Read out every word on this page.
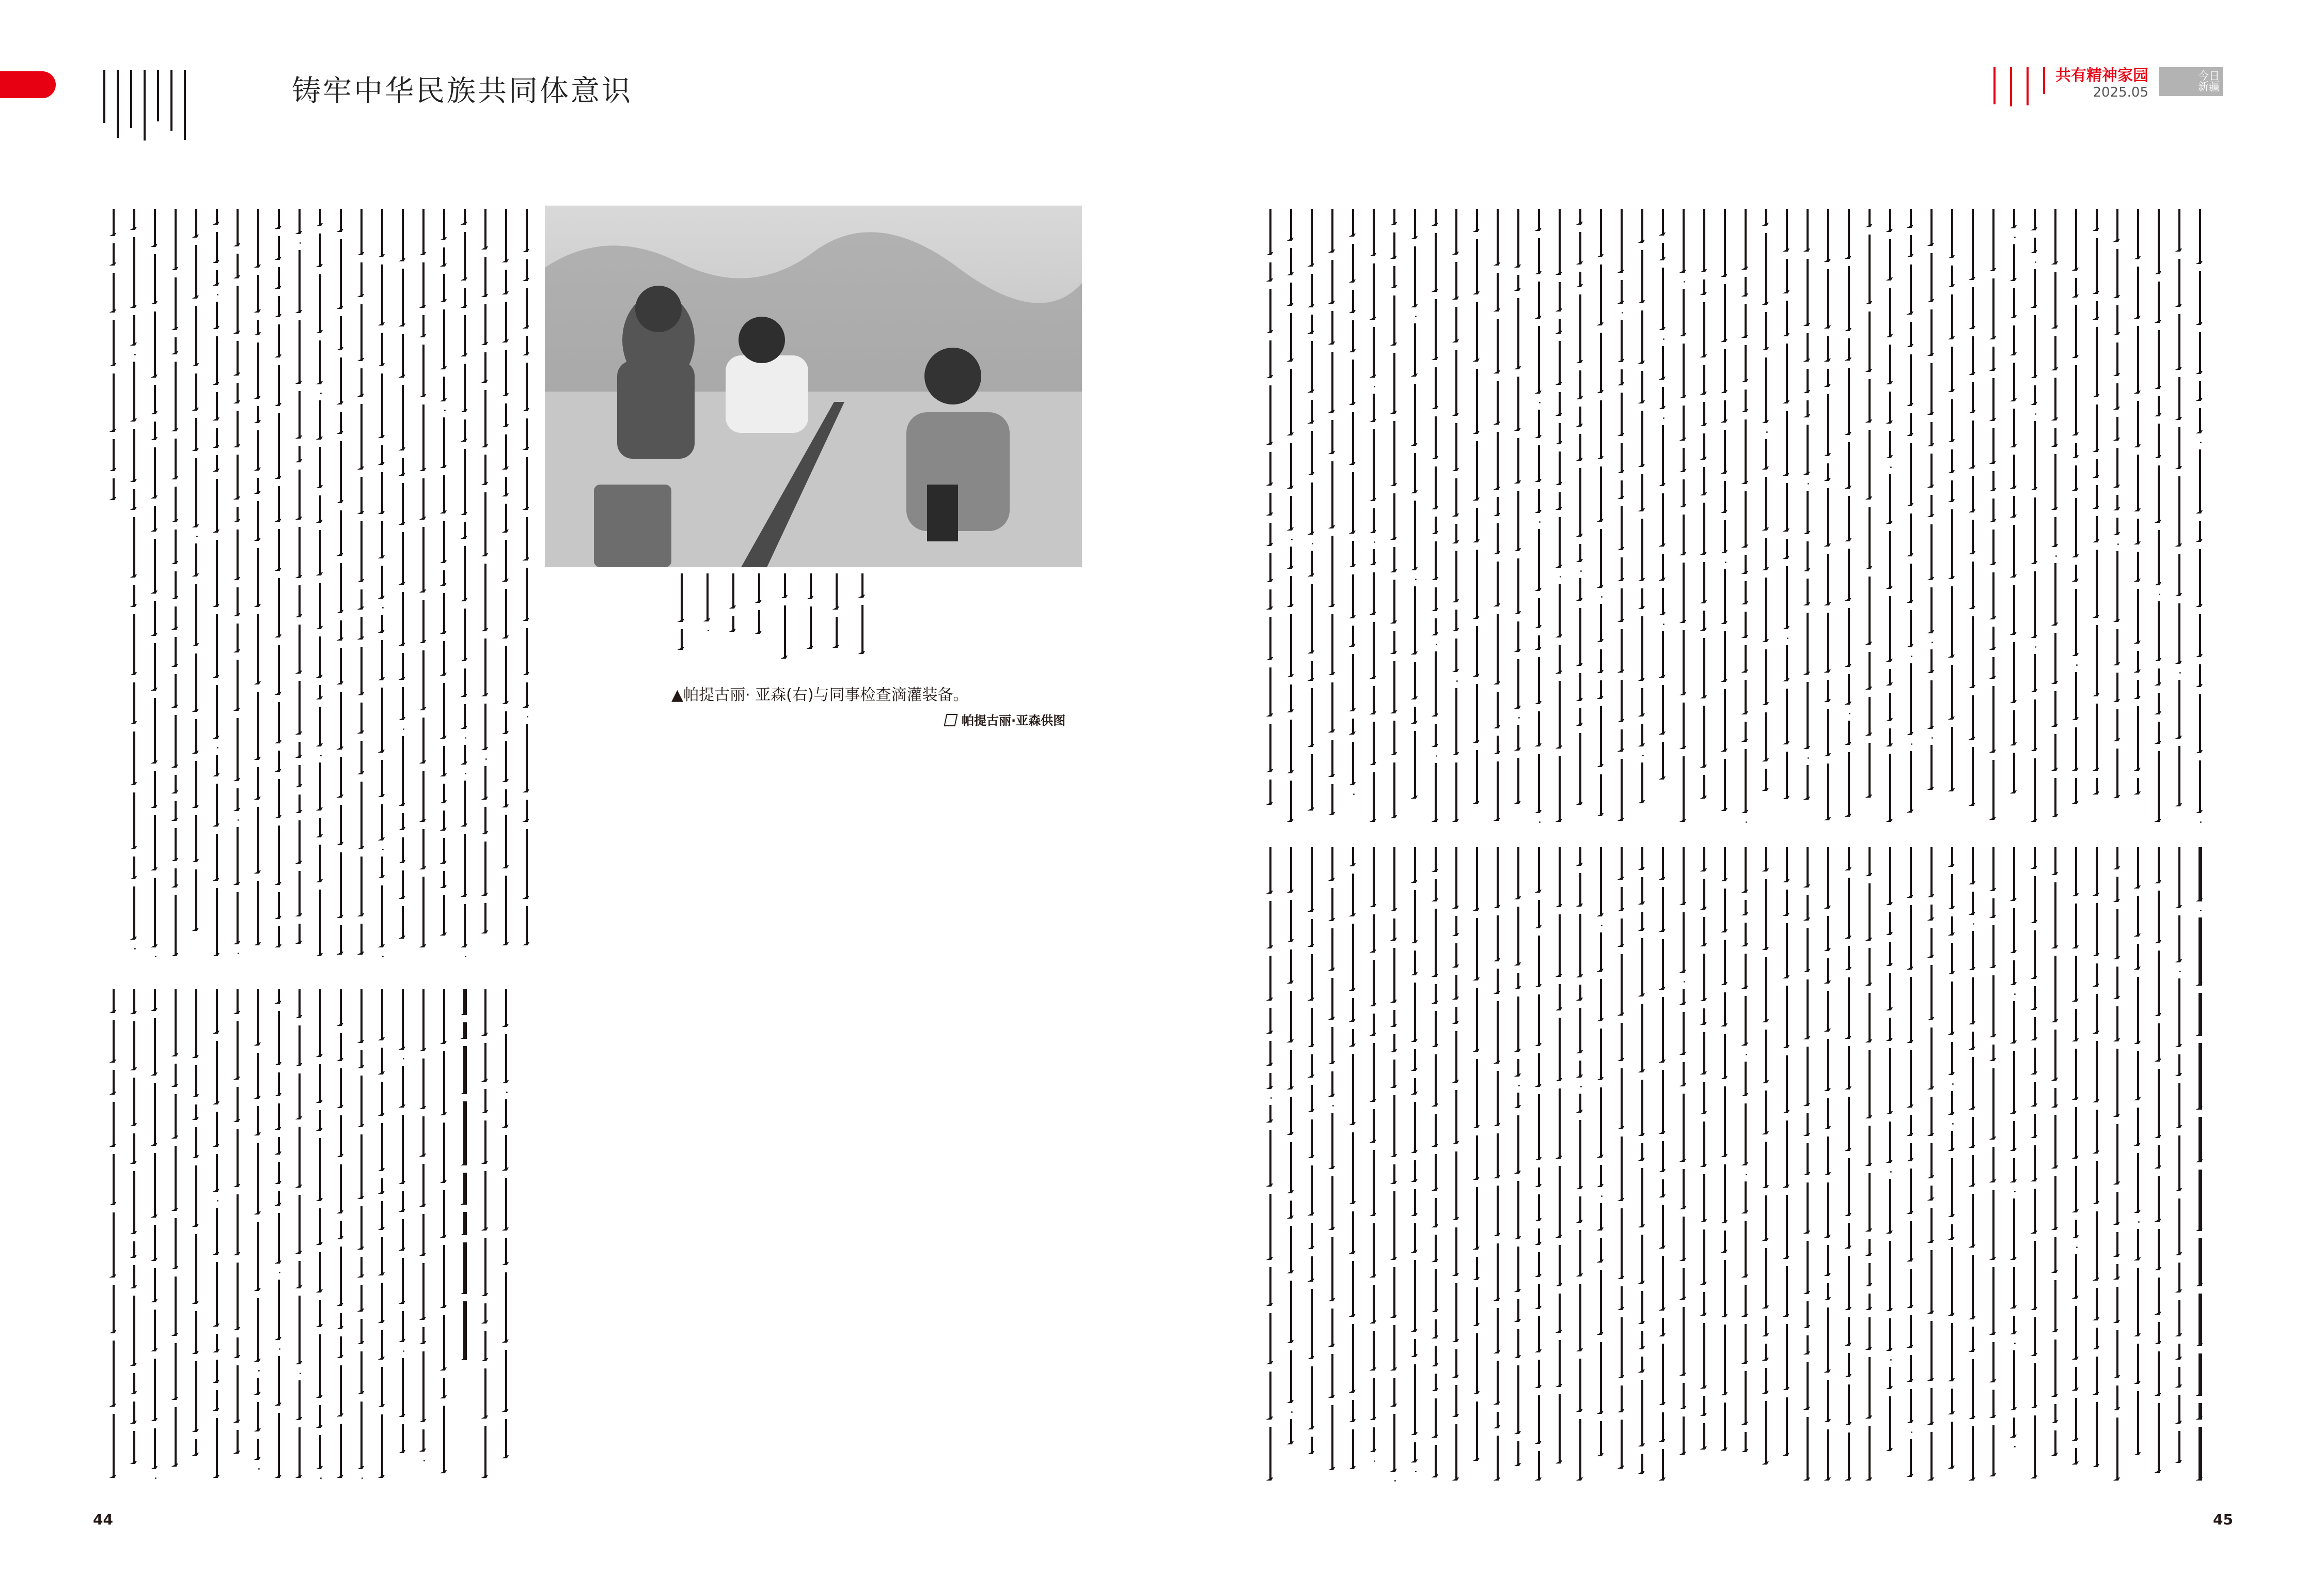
铸牢中华民族共同体意识
·
·
·
·
·
·
·
·
·
·
·
·
·
·
·
·
·
·
·
·
·
·
·
·
·
·
·
·
·
·
·
·
·
·
·
▲帕提古丽· 亚森(右)与同事检查滴灌装备。
帕提古丽·亚森供图
44
·
·
·
·
·
·
·
·
·
·
·
·
·
·
·
·
·
·
·
·
·
·
·
·
·
·
·
·
·
·
·
·
·
·
·
·
·
·
·
·
·
·
·
·
·
·
·
·
·
·
·
·
·
·
·
·
·
·
·
·
·
·
·
·
·
·
·
·
·
·
·
·
·
45
共有精神家园
2025.05
今日新疆
